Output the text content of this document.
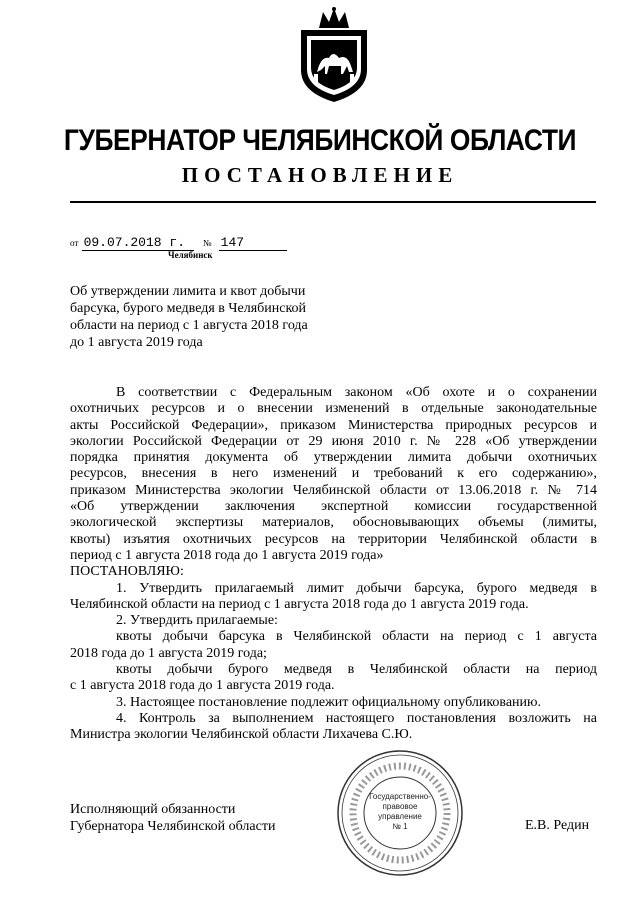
ГУБЕРНАТОР ЧЕЛЯБИНСКОЙ ОБЛАСТИ
ПОСТАНОВЛЕНИЕ
от 09.07.2018 г. № 147
Челябинск

Об утверждении лимита и квот добычи

барсука, бурого медведя в Челябинской

области на период с 1 августа 2018 года

до 1 августа 2019 года

В соответствии с Федеральным законом «Об охоте и о сохранении

охотничьих ресурсов и о внесении изменений в отдельные законодательные

акты Российской Федерации», приказом Министерства природных ресурсов и

экологии Российской Федерации от 29 июня 2010 г. № 228 «Об утверждении

порядка принятия документа об утверждении лимита добычи охотничьих

ресурсов, внесения в него изменений и требований к его содержанию»,

приказом Министерства экологии Челябинской области от 13.06.2018 г. № 714

«Об утверждении заключения экспертной комиссии государственной

экологической экспертизы материалов, обосновывающих объемы (лимиты,

квоты) изъятия охотничьих ресурсов на территории Челябинской области в

период с 1 августа 2018 года до 1 августа 2019 года»

ПОСТАНОВЛЯЮ:

1. Утвердить прилагаемый лимит добычи барсука, бурого медведя в

Челябинской области на период с 1 августа 2018 года до 1 августа 2019 года.

2. Утвердить прилагаемые:

квоты добычи барсука в Челябинской области на период с 1 августа

2018 года до 1 августа 2019 года;

квоты добычи бурого медведя в Челябинской области на период

с 1 августа 2018 года до 1 августа 2019 года.

3. Настоящее постановление подлежит официальному опубликованию.

4. Контроль за выполнением настоящего постановления возложить на

Министра экологии Челябинской области Лихачева С.Ю.

Государственно-
правовое
управление
№ 1

Исполняющий обязанности

Губернатора Челябинской области	Е.В. Редин
